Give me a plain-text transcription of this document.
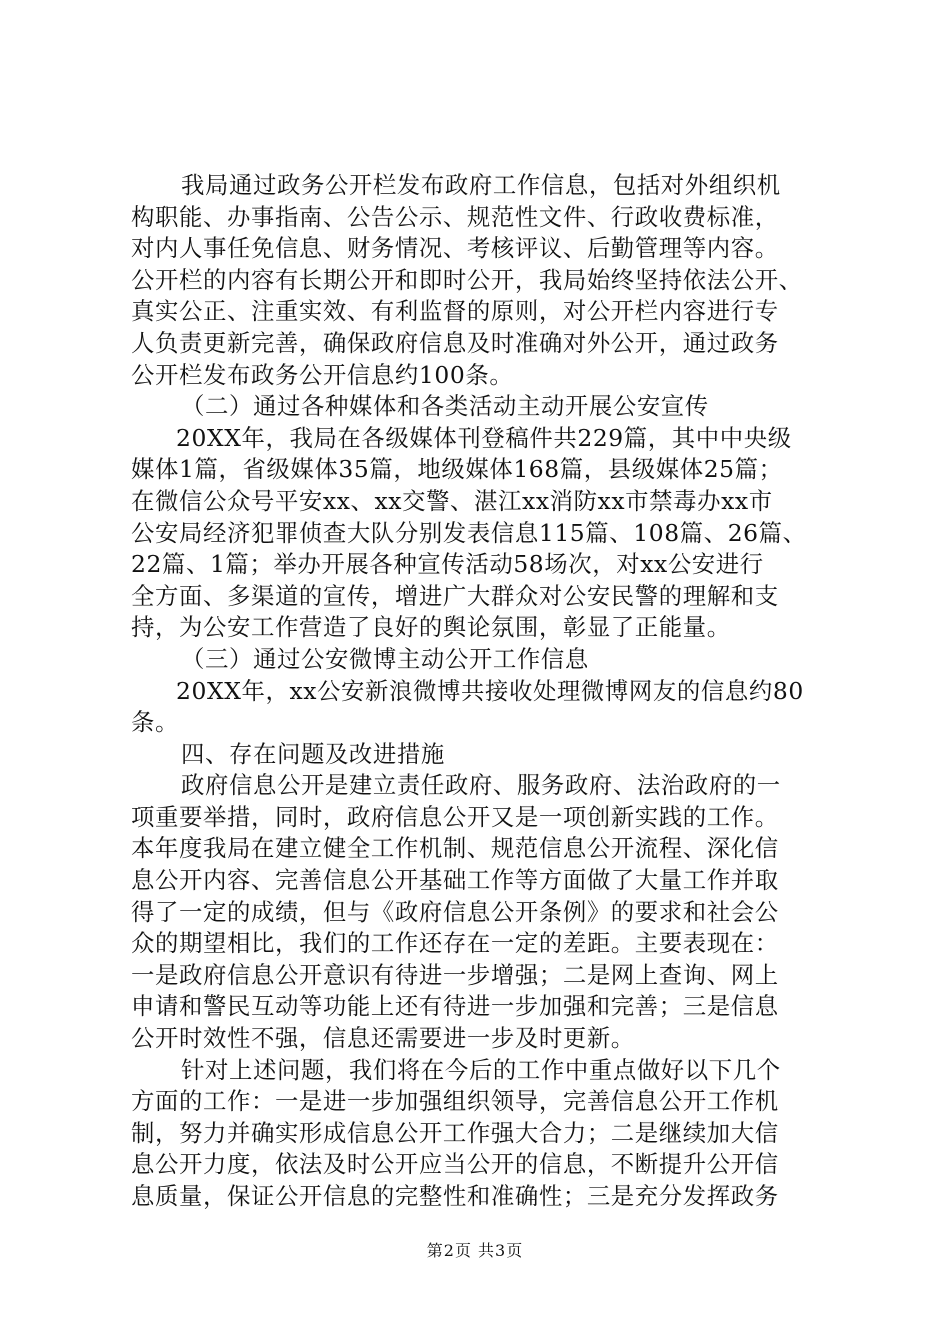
我局通过政务公开栏发布政府工作信息，包括对外组织机
构职能、办事指南、公告公示、规范性文件、行政收费标准，
对内人事任免信息、财务情况、考核评议、后勤管理等内容。
公开栏的内容有长期公开和即时公开，我局始终坚持依法公开、
真实公正、注重实效、有利监督的原则，对公开栏内容进行专
人负责更新完善，确保政府信息及时准确对外公开，通过政务
公开栏发布政务公开信息约100条。
（二）通过各种媒体和各类活动主动开展公安宣传
20XX年，我局在各级媒体刊登稿件共229篇，其中中央级
媒体1篇，省级媒体35篇，地级媒体168篇，县级媒体25篇；
在微信公众号平安xx、xx交警、湛江xx消防xx市禁毒办xx市
公安局经济犯罪侦查大队分别发表信息115篇、108篇、26篇、
22篇、1篇；举办开展各种宣传活动58场次，对xx公安进行
全方面、多渠道的宣传，增进广大群众对公安民警的理解和支
持，为公安工作营造了良好的舆论氛围，彰显了正能量。
（三）通过公安微博主动公开工作信息
20XX年，xx公安新浪微博共接收处理微博网友的信息约80
条。
四、存在问题及改进措施
政府信息公开是建立责任政府、服务政府、法治政府的一
项重要举措，同时，政府信息公开又是一项创新实践的工作。
本年度我局在建立健全工作机制、规范信息公开流程、深化信
息公开内容、完善信息公开基础工作等方面做了大量工作并取
得了一定的成绩，但与《政府信息公开条例》的要求和社会公
众的期望相比，我们的工作还存在一定的差距。主要表现在：
一是政府信息公开意识有待进一步增强；二是网上查询、网上
申请和警民互动等功能上还有待进一步加强和完善；三是信息
公开时效性不强，信息还需要进一步及时更新。
针对上述问题，我们将在今后的工作中重点做好以下几个
方面的工作：一是进一步加强组织领导，完善信息公开工作机
制，努力并确实形成信息公开工作强大合力；二是继续加大信
息公开力度，依法及时公开应当公开的信息，不断提升公开信
息质量，保证公开信息的完整性和准确性；三是充分发挥政务
第2页 共3页
